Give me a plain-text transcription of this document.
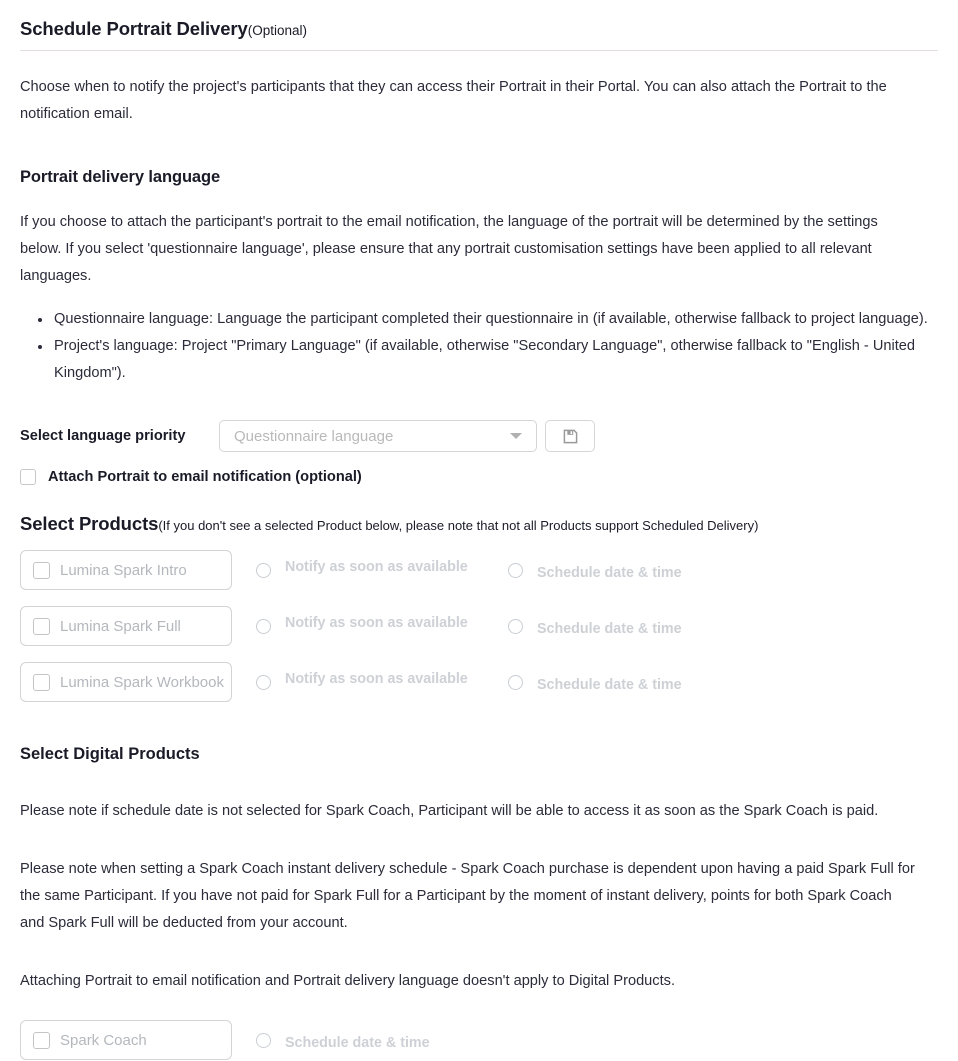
Schedule Portrait Delivery(Optional)

Choose when to notify the project's participants that they can access their Portrait in their Portal. You can also attach the Portrait to the notification email.

Portrait delivery language

If you choose to attach the participant's portrait to the email notification, the language of the portrait will be determined by the settings below. If you select 'questionnaire language', please ensure that any portrait customisation settings have been applied to all relevant languages.

• Questionnaire language: Language the participant completed their questionnaire in (if available, otherwise fallback to project language).
• Project's language: Project "Primary Language" (if available, otherwise "Secondary Language", otherwise fallback to "English - United Kingdom").
Select language priority	Questionnaire language
Attach Portrait to email notification (optional)
Select Products(If you don't see a selected Product below, please note that not all Products support Scheduled Delivery)
Lumina Spark Intro	Notify as soon as available	Schedule date & time
Lumina Spark Full	Notify as soon as available	Schedule date & time
Lumina Spark Workbook	Notify as soon as available	Schedule date & time
Select Digital Products

Please note if schedule date is not selected for Spark Coach, Participant will be able to access it as soon as the Spark Coach is paid.

Please note when setting a Spark Coach instant delivery schedule - Spark Coach purchase is dependent upon having a paid Spark Full for the same Participant. If you have not paid for Spark Full for a Participant by the moment of instant delivery, points for both Spark Coach and Spark Full will be deducted from your account.

Attaching Portrait to email notification and Portrait delivery language doesn't apply to Digital Products.

Spark Coach	Schedule date & time
